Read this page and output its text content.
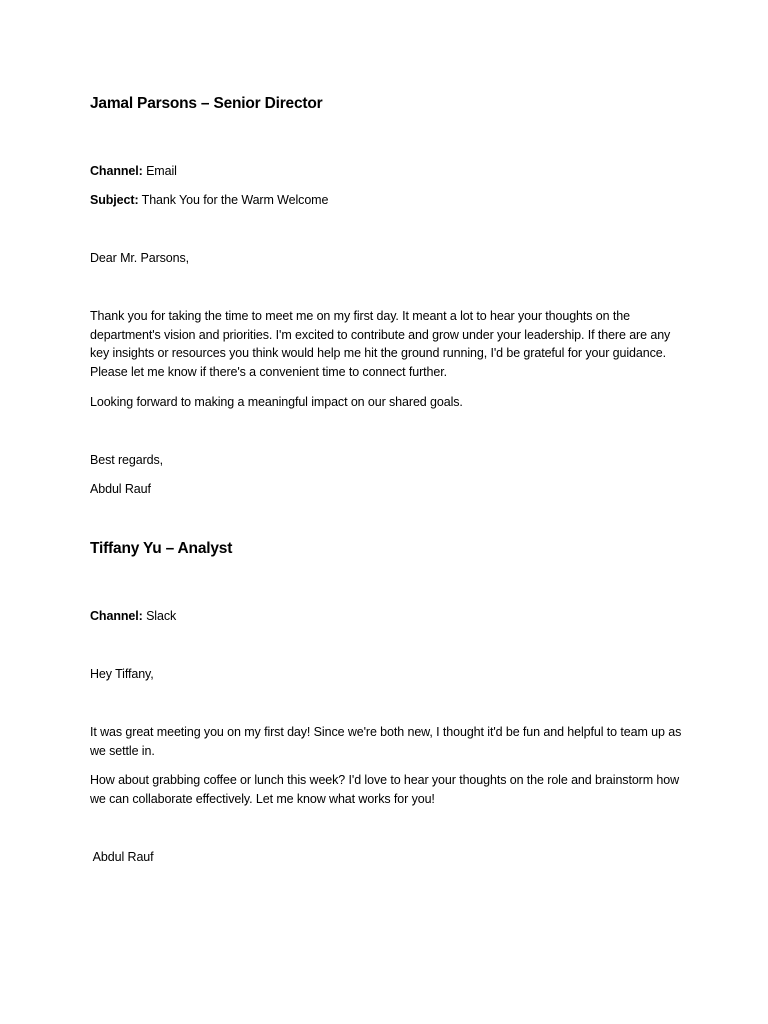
Jamal Parsons – Senior Director
Channel: Email
Subject: Thank You for the Warm Welcome
Dear Mr. Parsons,
Thank you for taking the time to meet me on my first day. It meant a lot to hear your thoughts on the department's vision and priorities. I'm excited to contribute and grow under your leadership. If there are any key insights or resources you think would help me hit the ground running, I'd be grateful for your guidance. Please let me know if there's a convenient time to connect further.
Looking forward to making a meaningful impact on our shared goals.
Best regards,
Abdul Rauf
Tiffany Yu – Analyst
Channel: Slack
Hey Tiffany,
It was great meeting you on my first day! Since we're both new, I thought it'd be fun and helpful to team up as we settle in.
How about grabbing coffee or lunch this week? I'd love to hear your thoughts on the role and brainstorm how we can collaborate effectively. Let me know what works for you!
Abdul Rauf
